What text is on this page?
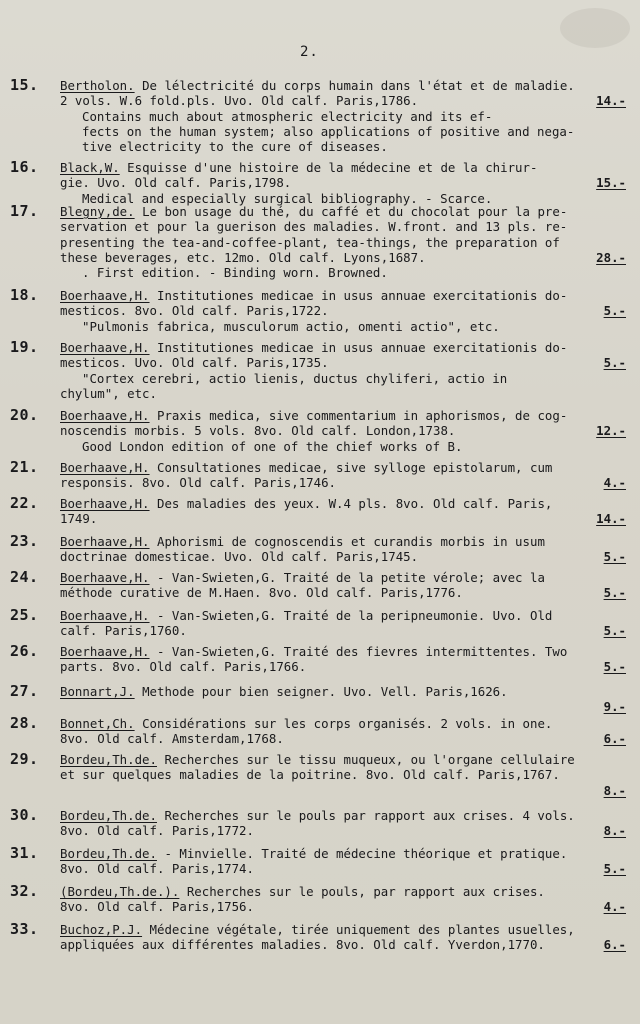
2.
15. Bertholon. De lélectricité du corps humain dans l'état et de maladie.
2 vols. W.6 fold.pls. Uvo. Old calf. Paris,1786.
Contains much about atmospheric electricity and its ef-
fects on the human system; also applications of positive and nega-
tive electricity to the cure of diseases.
14.-
16. Black,W. Esquisse d'une histoire de la médecine et de la chirur-
gie. Uvo. Old calf. Paris,1798.
Medical and especially surgical bibliography. - Scarce.
15.-
17. Blegny,de. Le bon usage du thé, du caffé et du chocolat pour la pre-
servation et pour la guerison des maladies. W.front. and 13 pls. re-
presenting the tea-and-coffee-plant, tea-things, the preparation of
these beverages, etc. 12mo. Old calf. Lyons,1687.
. First edition. - Binding worn. Browned.
28.-
18. Boerhaave,H. Institutiones medicae in usus annuae exercitationis do-
mesticos. 8vo. Old calf. Paris,1722.
"Pulmonis fabrica, musculorum actio, omenti actio", etc.
5.-
19. Boerhaave,H. Institutiones medicae in usus annuae exercitationis do-
mesticos. Uvo. Old calf. Paris,1735.
"Cortex cerebri, actio lienis, ductus chyliferi, actio in
chylum", etc.
5.-
20. Boerhaave,H. Praxis medica, sive commentarium in aphorismos, de cog-
noscendis morbis. 5 vols. 8vo. Old calf. London,1738.
Good London edition of one of the chief works of B.
12.-
21. Boerhaave,H. Consultationes medicae, sive sylloge epistolarum, cum
responsis. 8vo. Old calf. Paris,1746.	4.-
22. Boerhaave,H. Des maladies des yeux. W.4 pls. 8vo. Old calf. Paris,
1749.	14.-
23. Boerhaave,H. Aphorismi de cognoscendis et curandis morbis in usum
doctrinae domesticae. Uvo. Old calf. Paris,1745.	5.-
24. Boerhaave,H. - Van-Swieten,G. Traité de la petite vérole; avec la
méthode curative de M.Haen. 8vo. Old calf. Paris,1776.	5.-
25. Boerhaave,H. - Van-Swieten,G. Traité de la peripneumonie. Uvo. Old
calf. Paris,1760.	5.-
26. Boerhaave,H. - Van-Swieten,G. Traité des fievres intermittentes. Two
parts. 8vo. Old calf. Paris,1766.	5.-
27. Bonnart,J. Methode pour bien seigner. Uvo. Vell. Paris,1626.
9.-
28. Bonnet,Ch. Considérations sur les corps organisés. 2 vols. in one.
8vo. Old calf. Amsterdam,1768.	6.-
29. Bordeu,Th.de. Recherches sur le tissu muqueux, ou l'organe cellulaire
et sur quelques maladies de la poitrine. 8vo. Old calf. Paris,1767.
8.-
30. Bordeu,Th.de. Recherches sur le pouls par rapport aux crises. 4 vols.
8vo. Old calf. Paris,1772.	8.-
31. Bordeu,Th.de. - Minvielle. Traité de médecine théorique et pratique.
8vo. Old calf. Paris,1774.	5.-
32. (Bordeu,Th.de.). Recherches sur le pouls, par rapport aux crises.
8vo. Old calf. Paris,1756.	4.-
33. Buchoz,P.J. Médecine végétale, tirée uniquement des plantes usuelles,
appliquées aux différentes maladies. 8vo. Old calf. Yverdon,1770.	6.-
